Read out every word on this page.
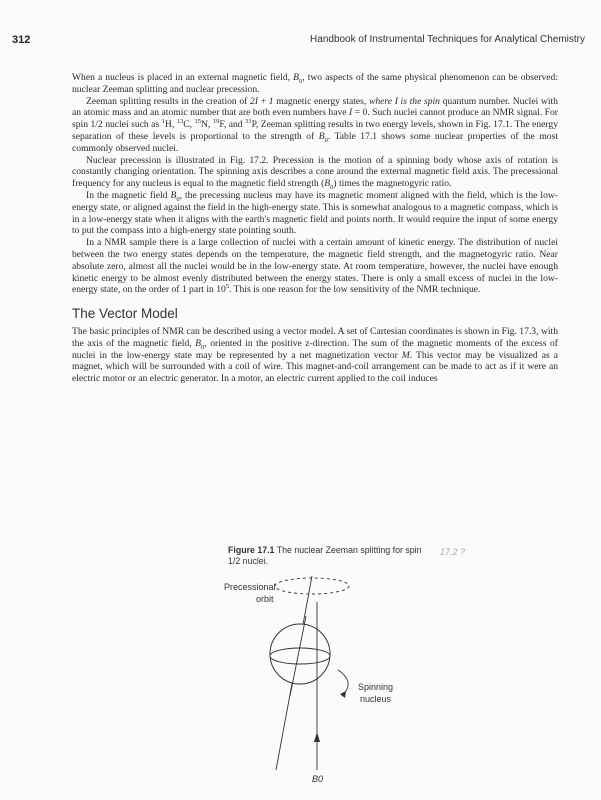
312	Handbook of Instrumental Techniques for Analytical Chemistry

When a nucleus is placed in an external magnetic field, $B_0$, two aspects of the same physical phenomenon can be observed: nuclear Zeeman splitting and nuclear precession.

Zeeman splitting results in the creation of 2I + 1 magnetic energy states, where I is the spin quantum number. Nuclei with an atomic mass and an atomic number that are both even numbers have I = 0. Such nuclei cannot produce an NMR signal. For spin 1/2 nuclei such as $^1$H, $^{13}$C, $^{15}$N, $^{19}$F, and $^{31}$P, Zeeman splitting results in two energy levels, shown in Fig. 17.1. The energy separation of these levels is proportional to the strength of $B_0$. Table 17.1 shows some nuclear properties of the most commonly observed nuclei.

Nuclear precession is illustrated in Fig. 17.2. Precession is the motion of a spinning body whose axis of rotation is constantly changing orientation. The spinning axis describes a cone around the external magnetic field axis. The precessional frequency for any nucleus is equal to the magnetic field strength $(B_0)$ times the magnetogyric ratio.

In the magnetic field $B_0$, the precessing nucleus may have its magnetic moment aligned with the field, which is the low-energy state, or aligned against the field in the high-energy state. This is somewhat analogous to a magnetic compass, which is in a low-energy state when it aligns with the earth's magnetic field and points north. It would require the input of some energy to put the compass into a high-energy state pointing south.

In a NMR sample there is a large collection of nuclei with a certain amount of kinetic energy. The distribution of nuclei between the two energy states depends on the temperature, the magnetic field strength, and the magnetogyric ratio. Near absolute zero, almost all the nuclei would be in the low-energy state. At room temperature, however, the nuclei have enough kinetic energy to be almost evenly distributed between the energy states. There is only a small excess of nuclei in the low-energy state, on the order of 1 part in $10^5$. This is one reason for the low sensitivity of the NMR technique.

The Vector Model

The basic principles of NMR can be described using a vector model. A set of Cartesian coordinates is shown in Fig. 17.3, with the axis of the magnetic field, $B_0$, oriented in the positive z-direction. The sum of the magnetic moments of the excess of nuclei in the low-energy state may be represented by a net magnetization vector M. This vector may be visualized as a magnet, which will be surrounded with a coil of wire. This magnet-and-coil arrangement can be made to act as if it were an electric motor or an electric generator. In a motor, an electric current applied to the coil induces

Figure 17.1 The nuclear Zeeman splitting for spin 1/2 nuclei.
17.2 ?
Precessional
orbit
Spinning
nucleus
B0
